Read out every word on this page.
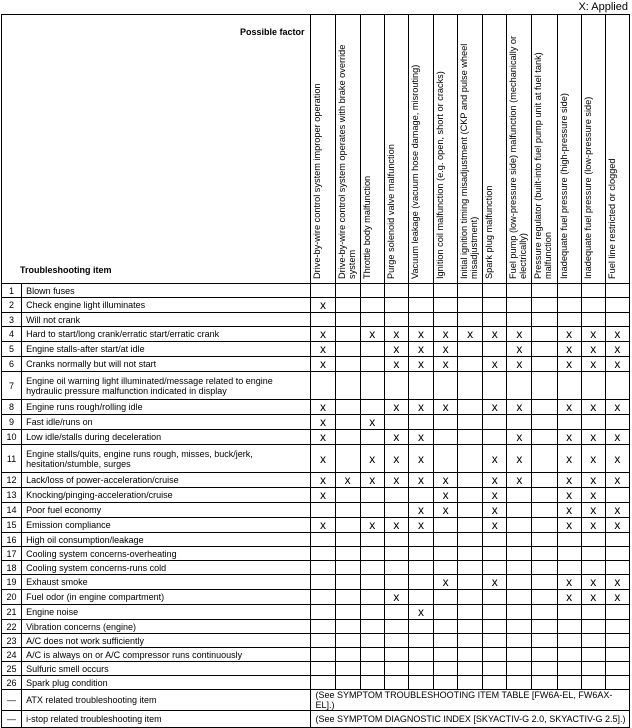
X: Applied
Possible factor
Troubleshooting item		Drive-by-wire control system improper operation	Drive-by-wire control system operates with brake override system	Throttle body malfunction	Purge solenoid valve malfunction	Vacuum leakage (vacuum hose damage, misrouting)	Ignition coil malfunction (e.g. open, short or cracks)	Initial ignition timing misadjustment (CKP and pulse wheel misadjustment)	Spark plug malfunction	Fuel pump (low-pressure side) malfunction (mechanically or electrically)	Pressure regulator (built-into fuel pump unit at fuel tank) malfunction	Inadequate fuel pressure (high-pressure side)	Inadequate fuel pressure (low-pressure side)	Fuel line restricted or clogged

1	Blown fuses													
2	Check engine light illuminates	x												
3	Will not crank													
4	Hard to start/long crank/erratic start/erratic crank	x		x	x	x	x	x	x	x		x	x	x
5	Engine stalls-after start/at idle	x			x	x	x			x		x	x	x
6	Cranks normally but will not start	x			x	x	x		x	x		x	x	x
7	Engine oil warning light illuminated/message related to engine hydraulic pressure malfunction indicated in display													
8	Engine runs rough/rolling idle	x			x	x	x		x	x		x	x	x
9	Fast idle/runs on	x		x										
10	Low idle/stalls during deceleration	x			x	x				x		x	x	x
11	Engine stalls/quits, engine runs rough, misses, buck/jerk, hesitation/stumble, surges	x		x	x	x			x	x		x	x	x
12	Lack/loss of power-acceleration/cruise	x	x	x	x	x	x		x	x		x	x	x
13	Knocking/pinging-acceleration/cruise	x					x		x			x	x	
14	Poor fuel economy					x	x		x			x	x	x
15	Emission compliance	x		x	x	x			x			x	x	x
16	High oil consumption/leakage													
17	Cooling system concerns-overheating													
18	Cooling system concerns-runs cold													
19	Exhaust smoke						x		x			x	x	x
20	Fuel odor (in engine compartment)				x							x	x	x
21	Engine noise					x								
22	Vibration concerns (engine)													
23	A/C does not work sufficiently													
24	A/C is always on or A/C compressor runs continuously													
25	Sulfuric smell occurs													
26	Spark plug condition													
—	ATX related troubleshooting item	(See SYMPTOM TROUBLESHOOTING ITEM TABLE [FW6A-EL, FW6AX-EL].)												
—	i-stop related troubleshooting item	(See SYMPTOM DIAGNOSTIC INDEX [SKYACTIV-G 2.0, SKYACTIV-G 2.5].)												
